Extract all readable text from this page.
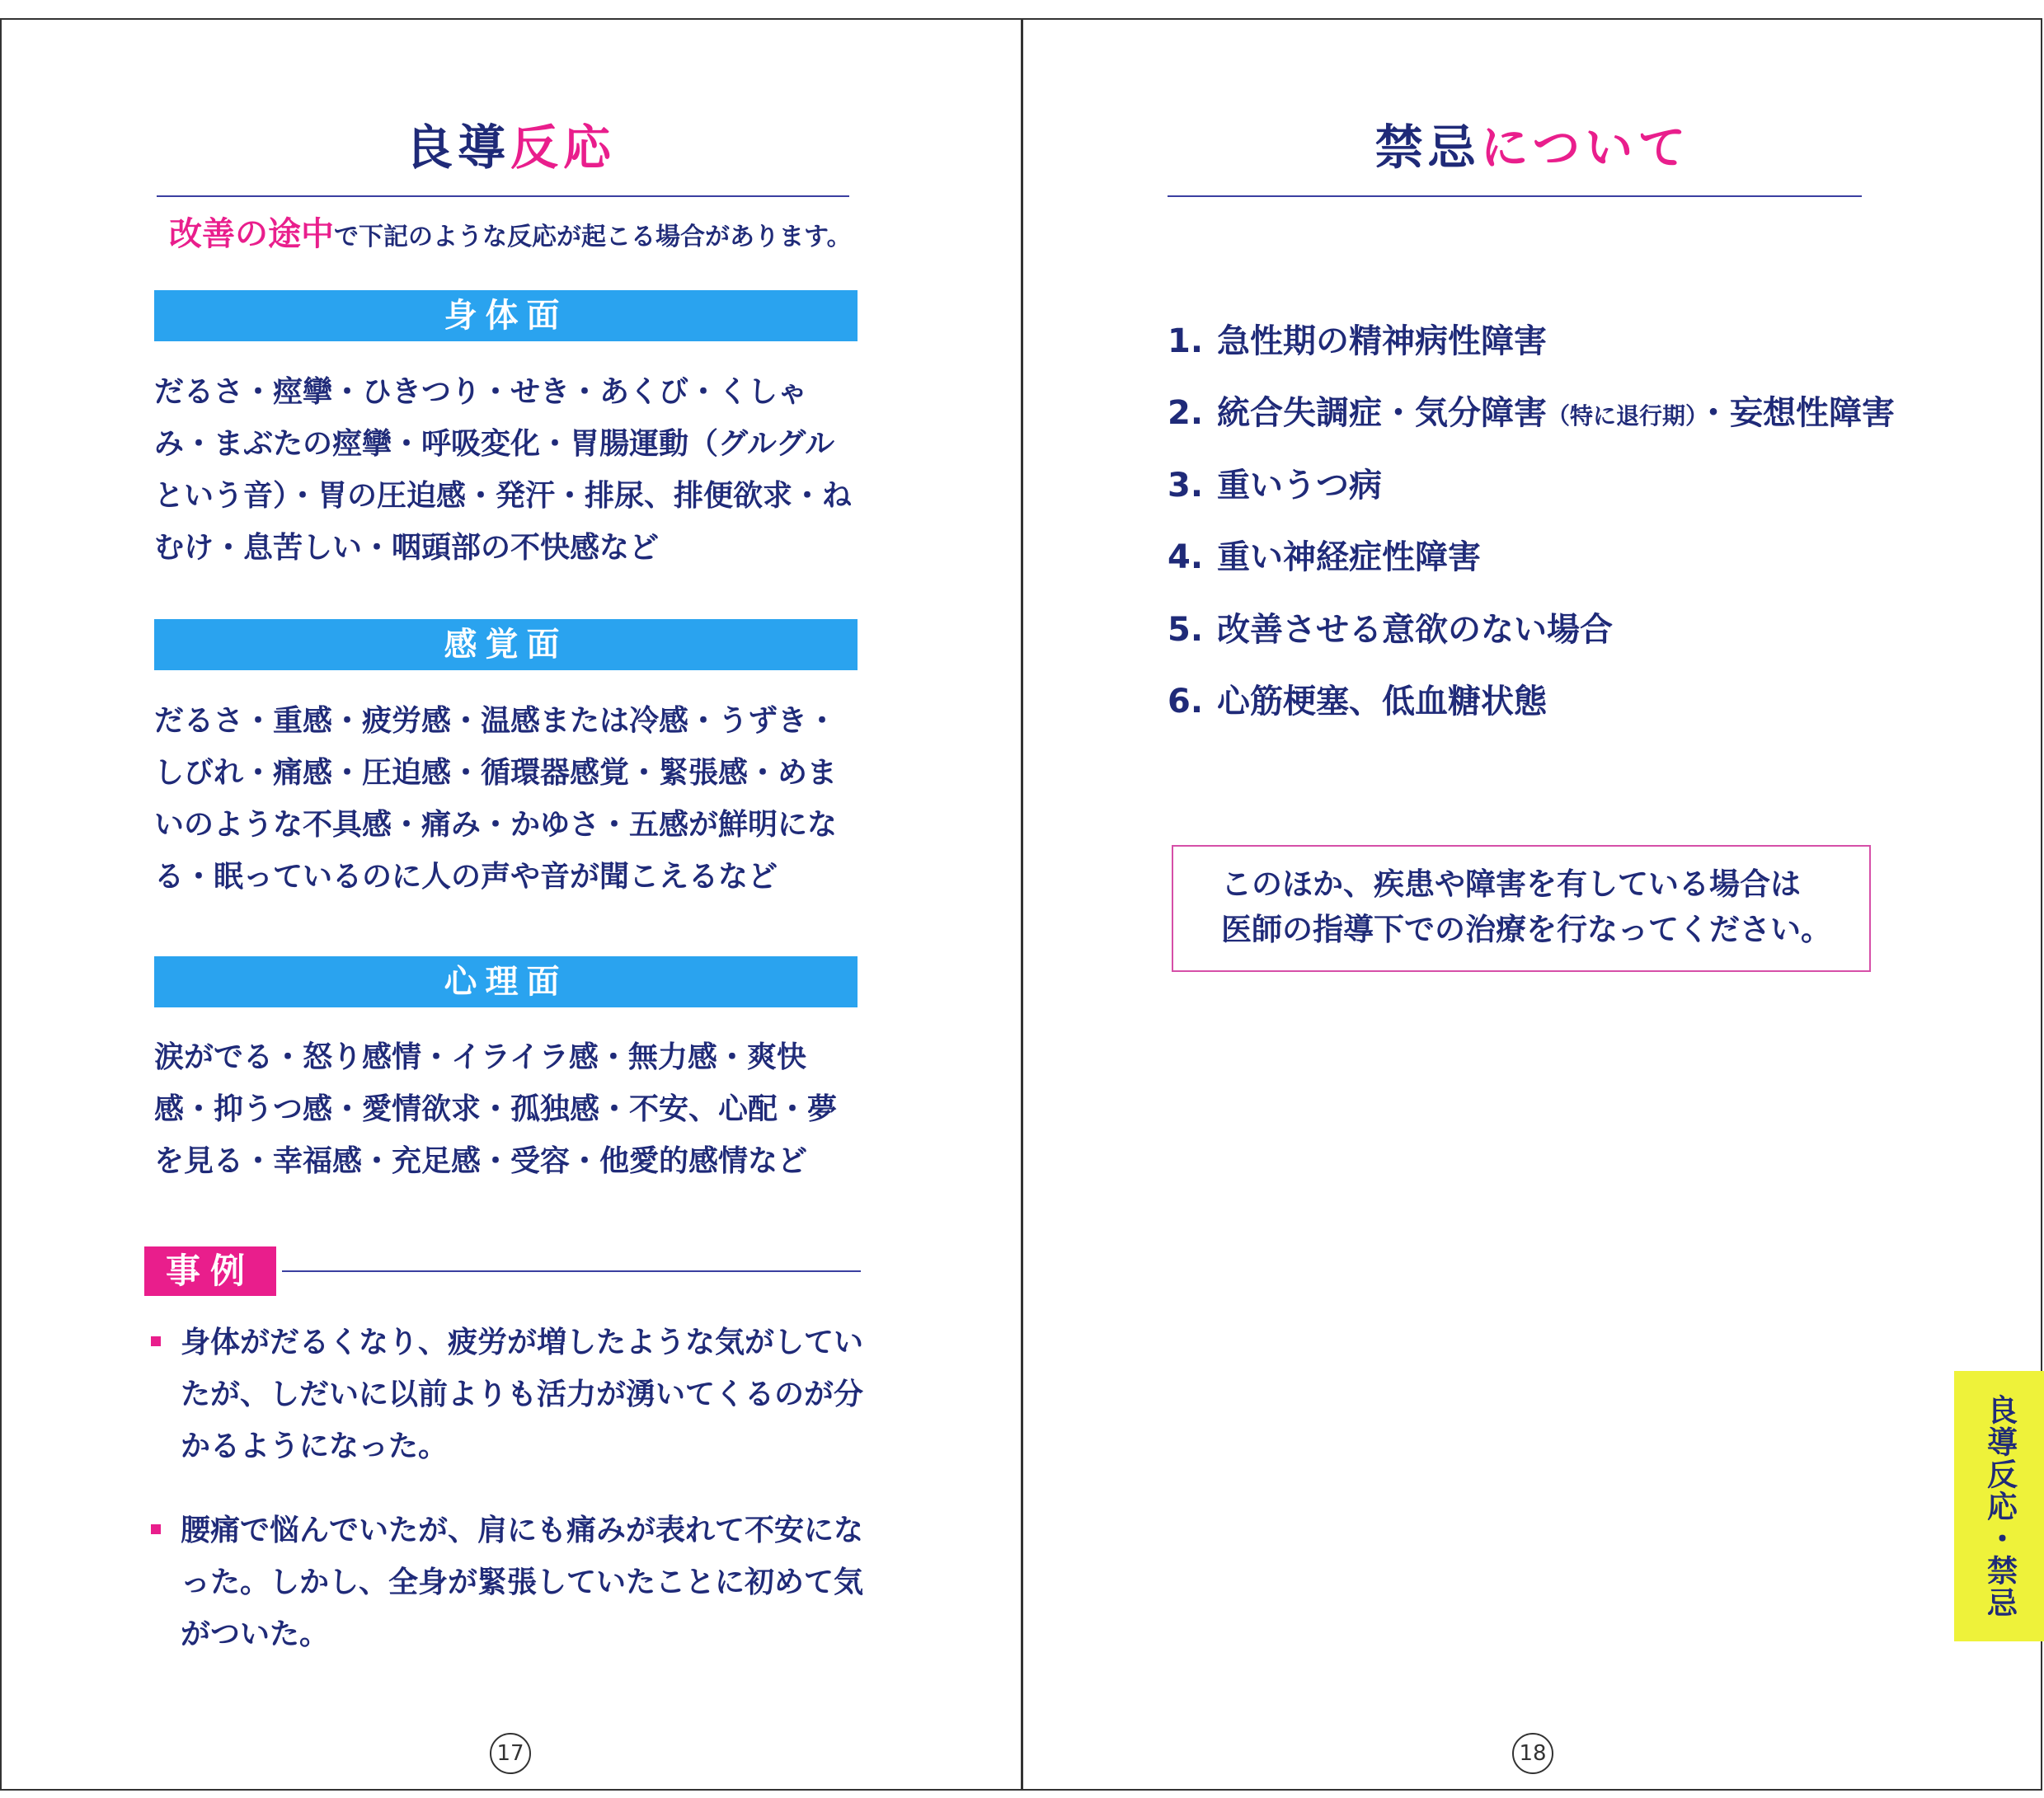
良導反応
改善の途中で下記のような反応が起こる場合があります。
身体面
だるさ・痙攣・ひきつり・せき・あくび・くしゃみ・まぶたの痙攣・呼吸変化・胃腸運動（グルグルという音）・胃の圧迫感・発汗・排尿、排便欲求・ねむけ・息苦しい・咽頭部の不快感など
感覚面
だるさ・重感・疲労感・温感または冷感・うずき・しびれ・痛感・圧迫感・循環器感覚・緊張感・めまいのような不具感・痛み・かゆさ・五感が鮮明になる・眠っているのに人の声や音が聞こえるなど
心理面
涙がでる・怒り感情・イライラ感・無力感・爽快感・抑うつ感・愛情欲求・孤独感・不安、心配・夢を見る・幸福感・充足感・受容・他愛的感情など
事例
身体がだるくなり、疲労が増したような気がしていたが、しだいに以前よりも活力が湧いてくるのが分かるようになった。
腰痛で悩んでいたが、肩にも痛みが表れて不安になった。しかし、全身が緊張していたことに初めて気がついた。
17
禁忌について
1. 急性期の精神病性障害
2. 統合失調症・気分障害（特に退行期）・妄想性障害
3. 重いうつ病
4. 重い神経症性障害
5. 改善させる意欲のない場合
6. 心筋梗塞、低血糖状態
このほか、疾患や障害を有している場合は
医師の指導下での治療を行なってください。
18
良導反応・禁忌
